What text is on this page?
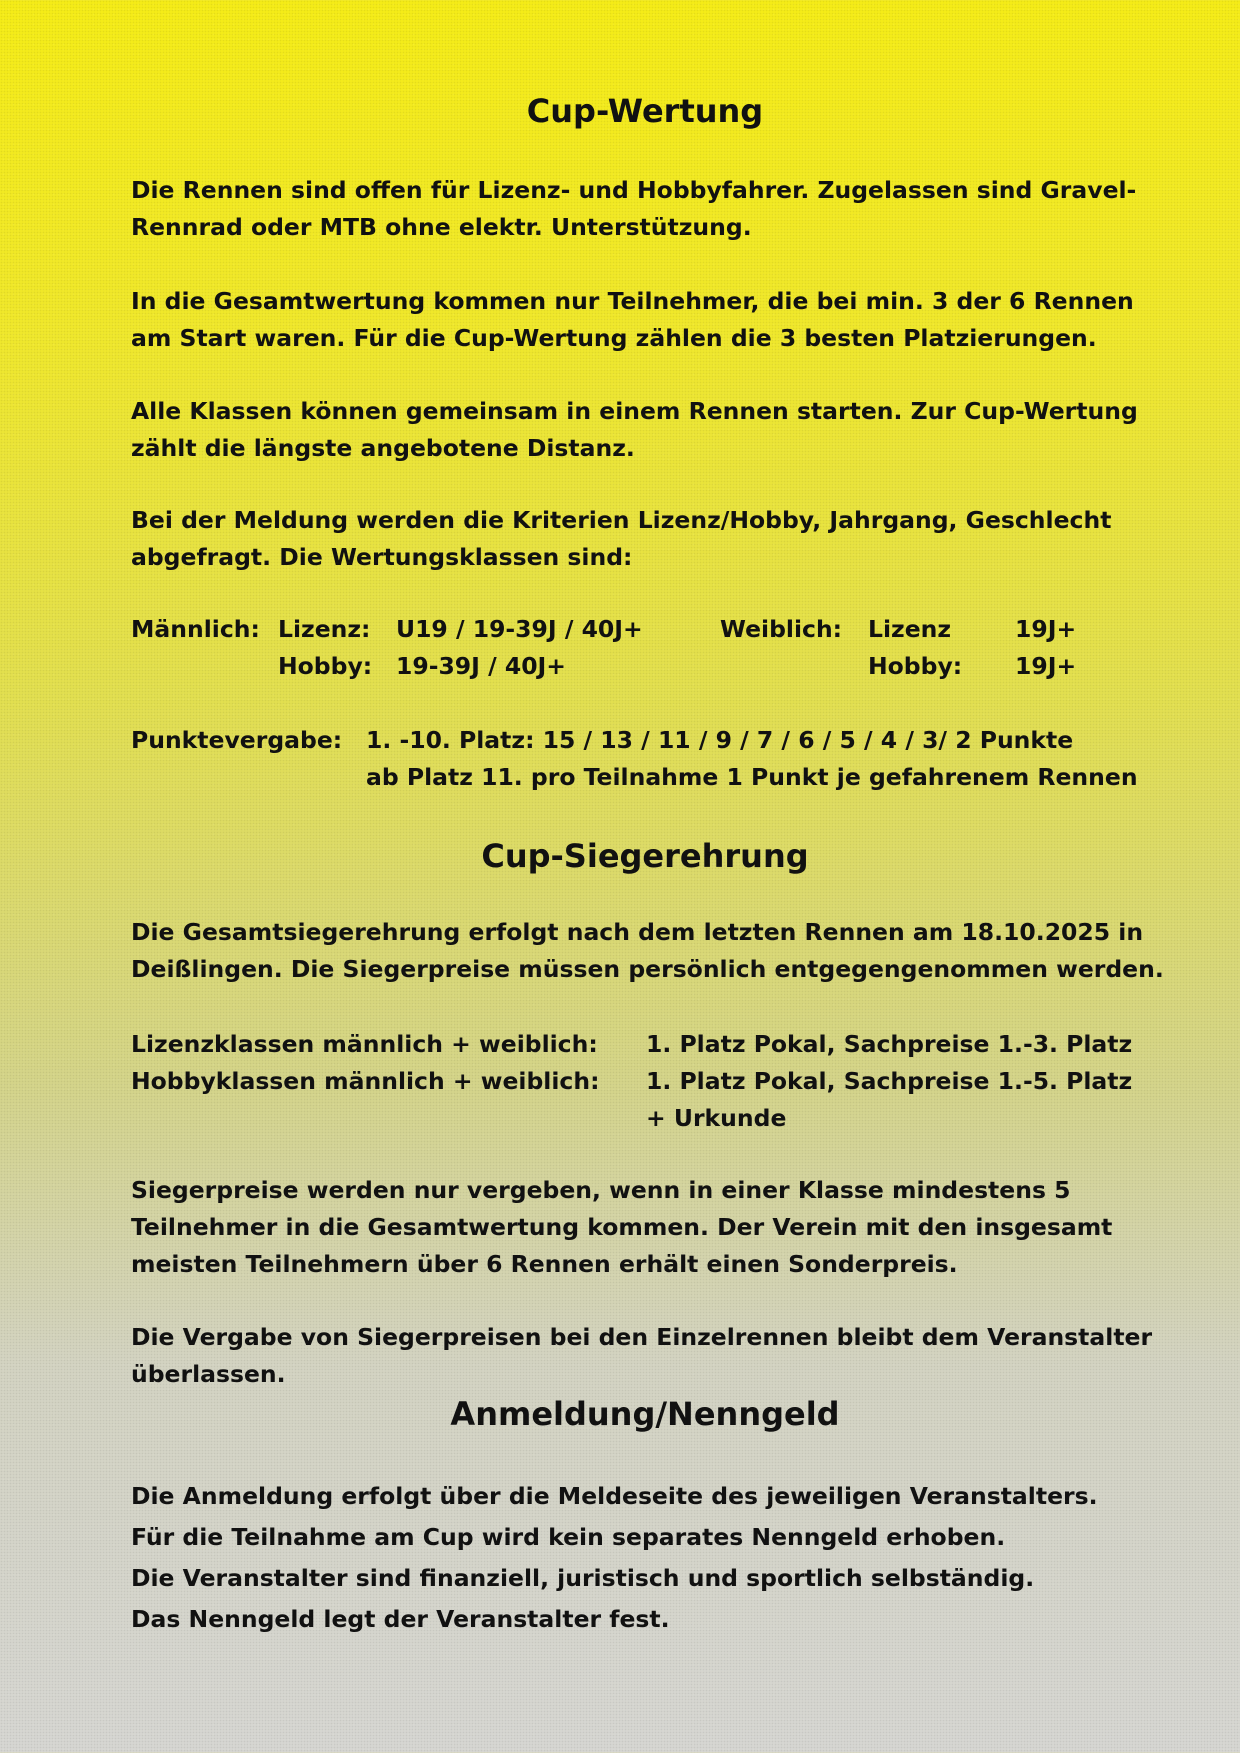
Cup-Wertung
Die Rennen sind offen für Lizenz- und Hobbyfahrer. Zugelassen sind Gravel-
Rennrad oder MTB ohne elektr. Unterstützung.
In die Gesamtwertung kommen nur Teilnehmer, die bei min. 3 der 6 Rennen
am Start waren. Für die Cup-Wertung zählen die 3 besten Platzierungen.
Alle Klassen können gemeinsam in einem Rennen starten. Zur Cup-Wertung
zählt die längste angebotene Distanz.
Bei der Meldung werden die Kriterien Lizenz/Hobby, Jahrgang, Geschlecht
abgefragt. Die Wertungsklassen sind:
Männlich: Lizenz: U19 / 19-39J / 40J+
Hobby: 19-39J / 40J+
Weiblich: Lizenz	19J+
Hobby: 19J+
Punktevergabe: 1. -10. Platz: 15 / 13 / 11 / 9 / 7 / 6 / 5 / 4 / 3/ 2 Punkte
ab Platz 11. pro Teilnahme 1 Punkt je gefahrenem Rennen
Cup-Siegerehrung
Die Gesamtsiegerehrung erfolgt nach dem letzten Rennen am 18.10.2025 in
Deißlingen. Die Siegerpreise müssen persönlich entgegengenommen werden.
Lizenzklassen männlich + weiblich: 1. Platz Pokal, Sachpreise 1.-3. Platz
Hobbyklassen männlich + weiblich: 1. Platz Pokal, Sachpreise 1.-5. Platz
+ Urkunde
Siegerpreise werden nur vergeben, wenn in einer Klasse mindestens 5
Teilnehmer in die Gesamtwertung kommen. Der Verein mit den insgesamt
meisten Teilnehmern über 6 Rennen erhält einen Sonderpreis.
Die Vergabe von Siegerpreisen bei den Einzelrennen bleibt dem Veranstalter
überlassen.
Anmeldung/Nenngeld
Die Anmeldung erfolgt über die Meldeseite des jeweiligen Veranstalters.
Für die Teilnahme am Cup wird kein separates Nenngeld erhoben.
Die Veranstalter sind finanziell, juristisch und sportlich selbständig.
Das Nenngeld legt der Veranstalter fest.
